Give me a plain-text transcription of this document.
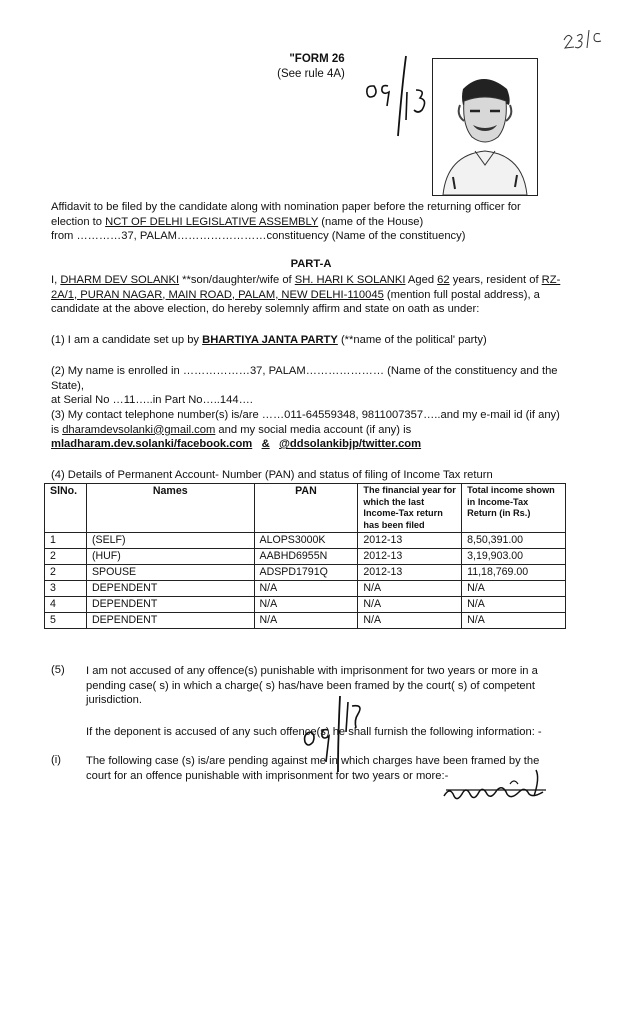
"FORM 26
(See rule 4A)
Affidavit to be filed by the candidate along with nomination paper before the returning officer for
election to NCT OF DELHI LEGISLATIVE ASSEMBLY (name of the House)
from …………37, PALAM……………………constituency (Name of the constituency)
PART-A
I, DHARM DEV SOLANKI **son/daughter/wife of SH. HARI K SOLANKI Aged 62 years, resident of RZ-
2A/1, PURAN NAGAR, MAIN ROAD, PALAM, NEW DELHI-110045 (mention full postal address), a
candidate at the above election, do hereby solemnly affirm and state on oath as under:
(1) I am a candidate set up by BHARTIYA JANTA PARTY (**name of the political' party)
(2) My name is enrolled in ………………37, PALAM………………… (Name of the constituency and the State),
at Serial No …11…..in Part No…..144….
(3) My contact telephone number(s) is/are ……011-64559348, 9811007357…..and my e-mail id (if any)
is dharamdevsolanki@gmail.com and my social media account (if any) is
mladharam.dev.solanki/facebook.com & @ddsolankibjp/twitter.com
(4) Details of Permanent Account- Number (PAN) and status of filing of Income Tax return
SlNo.	Names	PAN	The financial year for which the last Income-Tax return has been filed	Total income shown in Income-Tax Return (in Rs.)
1	(SELF)	ALOPS3000K	2012-13	8,50,391.00
2	(HUF)	AABHD6955N	2012-13	3,19,903.00
2	SPOUSE	ADSPD1791Q	2012-13	11,18,769.00
3	DEPENDENT	N/A	N/A	N/A
4	DEPENDENT	N/A	N/A	N/A
5	DEPENDENT	N/A	N/A	N/A
(5)	I am not accused of any offence(s) punishable with imprisonment for two years or more in a
pending case( s) in which a charge( s) has/have been framed by the court( s) of competent
jurisdiction.
If the deponent is accused of any such offence(s) he shall furnish the following information: -
(i)	The following case (s) is/are pending against me in which charges have been framed by the
court for an offence punishable with imprisonment for two years or more:-
